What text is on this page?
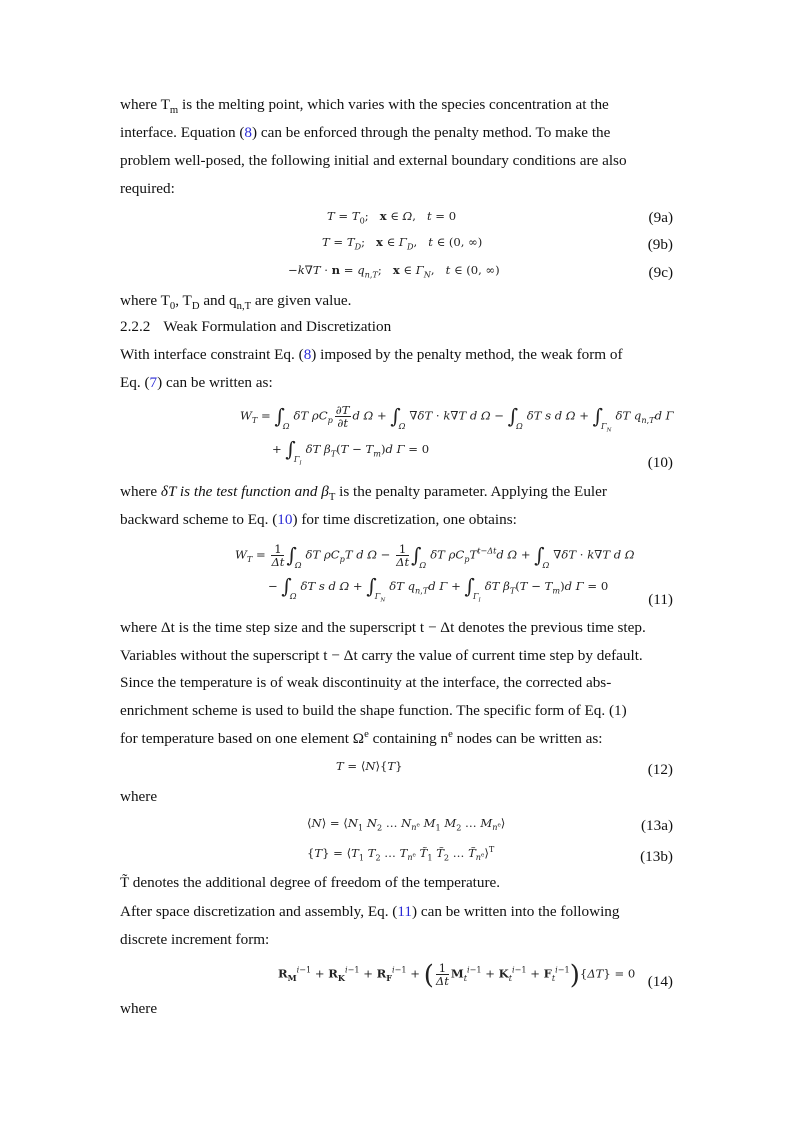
where $T_m$ is the melting point, which varies with the species concentration at the
interface. Equation (8) can be enforced through the penalty method. To make the
problem well-posed, the following initial and external boundary conditions are also
required:
$T = T_0$;   x ∈ Ω,   t = 0	(9a)
$T = T_D$;   x ∈ $\Gamma_D$,   t ∈ (0, ∞)	(9b)
$-k\nabla T \cdot n = q_{n,T}$;   x ∈ $\Gamma_N$,   t ∈ (0, ∞)	(9c)
where $T_0$, $T_D$ and $q_{n,T}$ are given value.
2.2.2 Weak Formulation and Discretization
With interface constraint Eq. (8) imposed by the penalty method, the weak form of
Eq. (7) can be written as:
$W_T = \int_\Omega\delta T$ $\rho C_p \frac{\partial T}{\partial t}$ d $\Omega + \int_\Omega\nabla\delta T \cdot k\nabla T$ d $\Omega - \int_\Omega\delta T$ s d $\Omega + \int_{\Gamma_N}\delta T$ $q_{n,T}d$ Γ
+ $\int_{\Gamma_I}\delta T$ $\beta_T(T - T_m)d$ Γ = 0
(10)
where δT is the test function and $\beta_T$ is the penalty parameter. Applying the Euler
backward scheme to Eq. (10) for time discretization, one obtains:
$W_T = \frac{1}{\Delta t} \int_\Omega\delta T$ $\rho C_pT$ d $\Omega - \frac{1}{\Delta t} \int_\Omega\delta T$ $\rho C_pT^{t-\Delta t}d$ $\Omega + \int_\Omega\nabla\delta T \cdot k\nabla T$ d Ω
− $\int_\Omega\delta T$ s d $\Omega + \int_{\Gamma_N}\delta T$ $q_{n,T}d$ $\Gamma + \int_{\Gamma_I}\delta T$ $\beta_T(T - T_m)d$ Γ = 0
(11)
where Δt is the time step size and the superscript t − Δt denotes the previous time step.
Variables without the superscript t − Δt carry the value of current time step by default.
Since the temperature is of weak discontinuity at the interface, the corrected abs-
enrichment scheme is used to build the shape function. The specific form of Eq. (1)
for temperature based on one element $\Omega^e$ containing $n^e$ nodes can be written as:
T = ⟨N⟩{T}	(12)
where
⟨N⟩ = $⟨N_1$ $N_2$ … $N_{n^e}$ $M_1$ $M_2$ … $M_{n^e}⟩$	(13a)
$\{T\} = ⟨T_1$ $T_2$ … $T_{n^e}$ $T̃_1$ $T̃_2$ … $T̃_{n^e}⟩^T$	(13b)
T̃ denotes the additional degree of freedom of the temperature.
After space discretization and assembly, Eq. (11) can be written into the following
discrete increment form:
$R_M^{i-1} + R_K^{i-1} + R_F^{i-1}$ + ( $\frac{1}{\Delta t} M_t^{i-1} + K_t^{i-1} + F_t^{i-1})\{\Delta T\} = 0$ (14)
where
